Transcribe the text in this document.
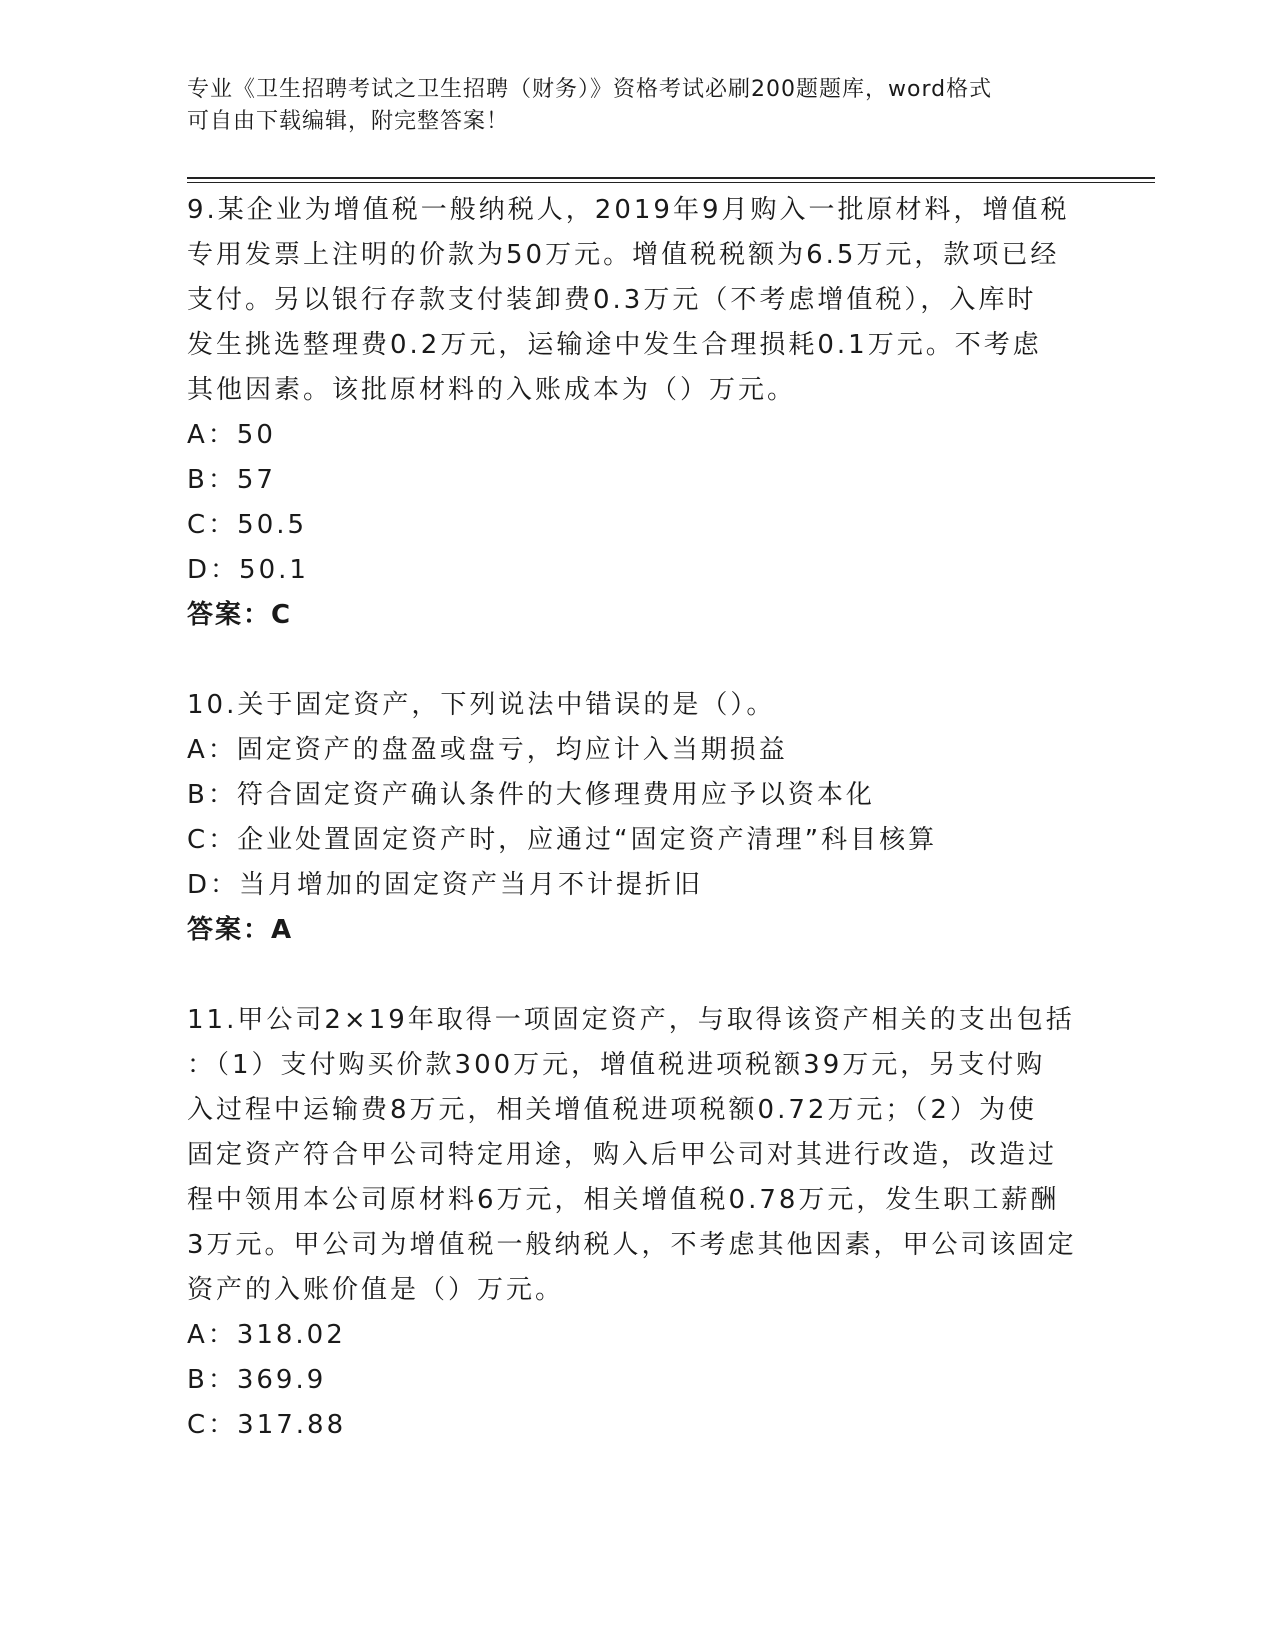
专业《卫生招聘考试之卫生招聘（财务）》资格考试必刷200题题库，word格式
可自由下载编辑，附完整答案！
9.某企业为增值税一般纳税人，2019年9月购入一批原材料，增值税
专用发票上注明的价款为50万元。增值税税额为6.5万元，款项已经
支付。另以银行存款支付装卸费0.3万元（不考虑增值税），入库时
发生挑选整理费0.2万元，运输途中发生合理损耗0.1万元。不考虑
其他因素。该批原材料的入账成本为（）万元。
A：50
B：57
C：50.5
D：50.1
答案：C
10.关于固定资产，下列说法中错误的是（）。
A：固定资产的盘盈或盘亏，均应计入当期损益
B：符合固定资产确认条件的大修理费用应予以资本化
C：企业处置固定资产时，应通过“固定资产清理”科目核算
D：当月增加的固定资产当月不计提折旧
答案：A
11.甲公司2×19年取得一项固定资产，与取得该资产相关的支出包括
：（1）支付购买价款300万元，增值税进项税额39万元，另支付购
入过程中运输费8万元，相关增值税进项税额0.72万元；（2）为使
固定资产符合甲公司特定用途，购入后甲公司对其进行改造，改造过
程中领用本公司原材料6万元，相关增值税0.78万元，发生职工薪酬
3万元。甲公司为增值税一般纳税人，不考虑其他因素，甲公司该固定
资产的入账价值是（）万元。
A：318.02
B：369.9
C：317.88
